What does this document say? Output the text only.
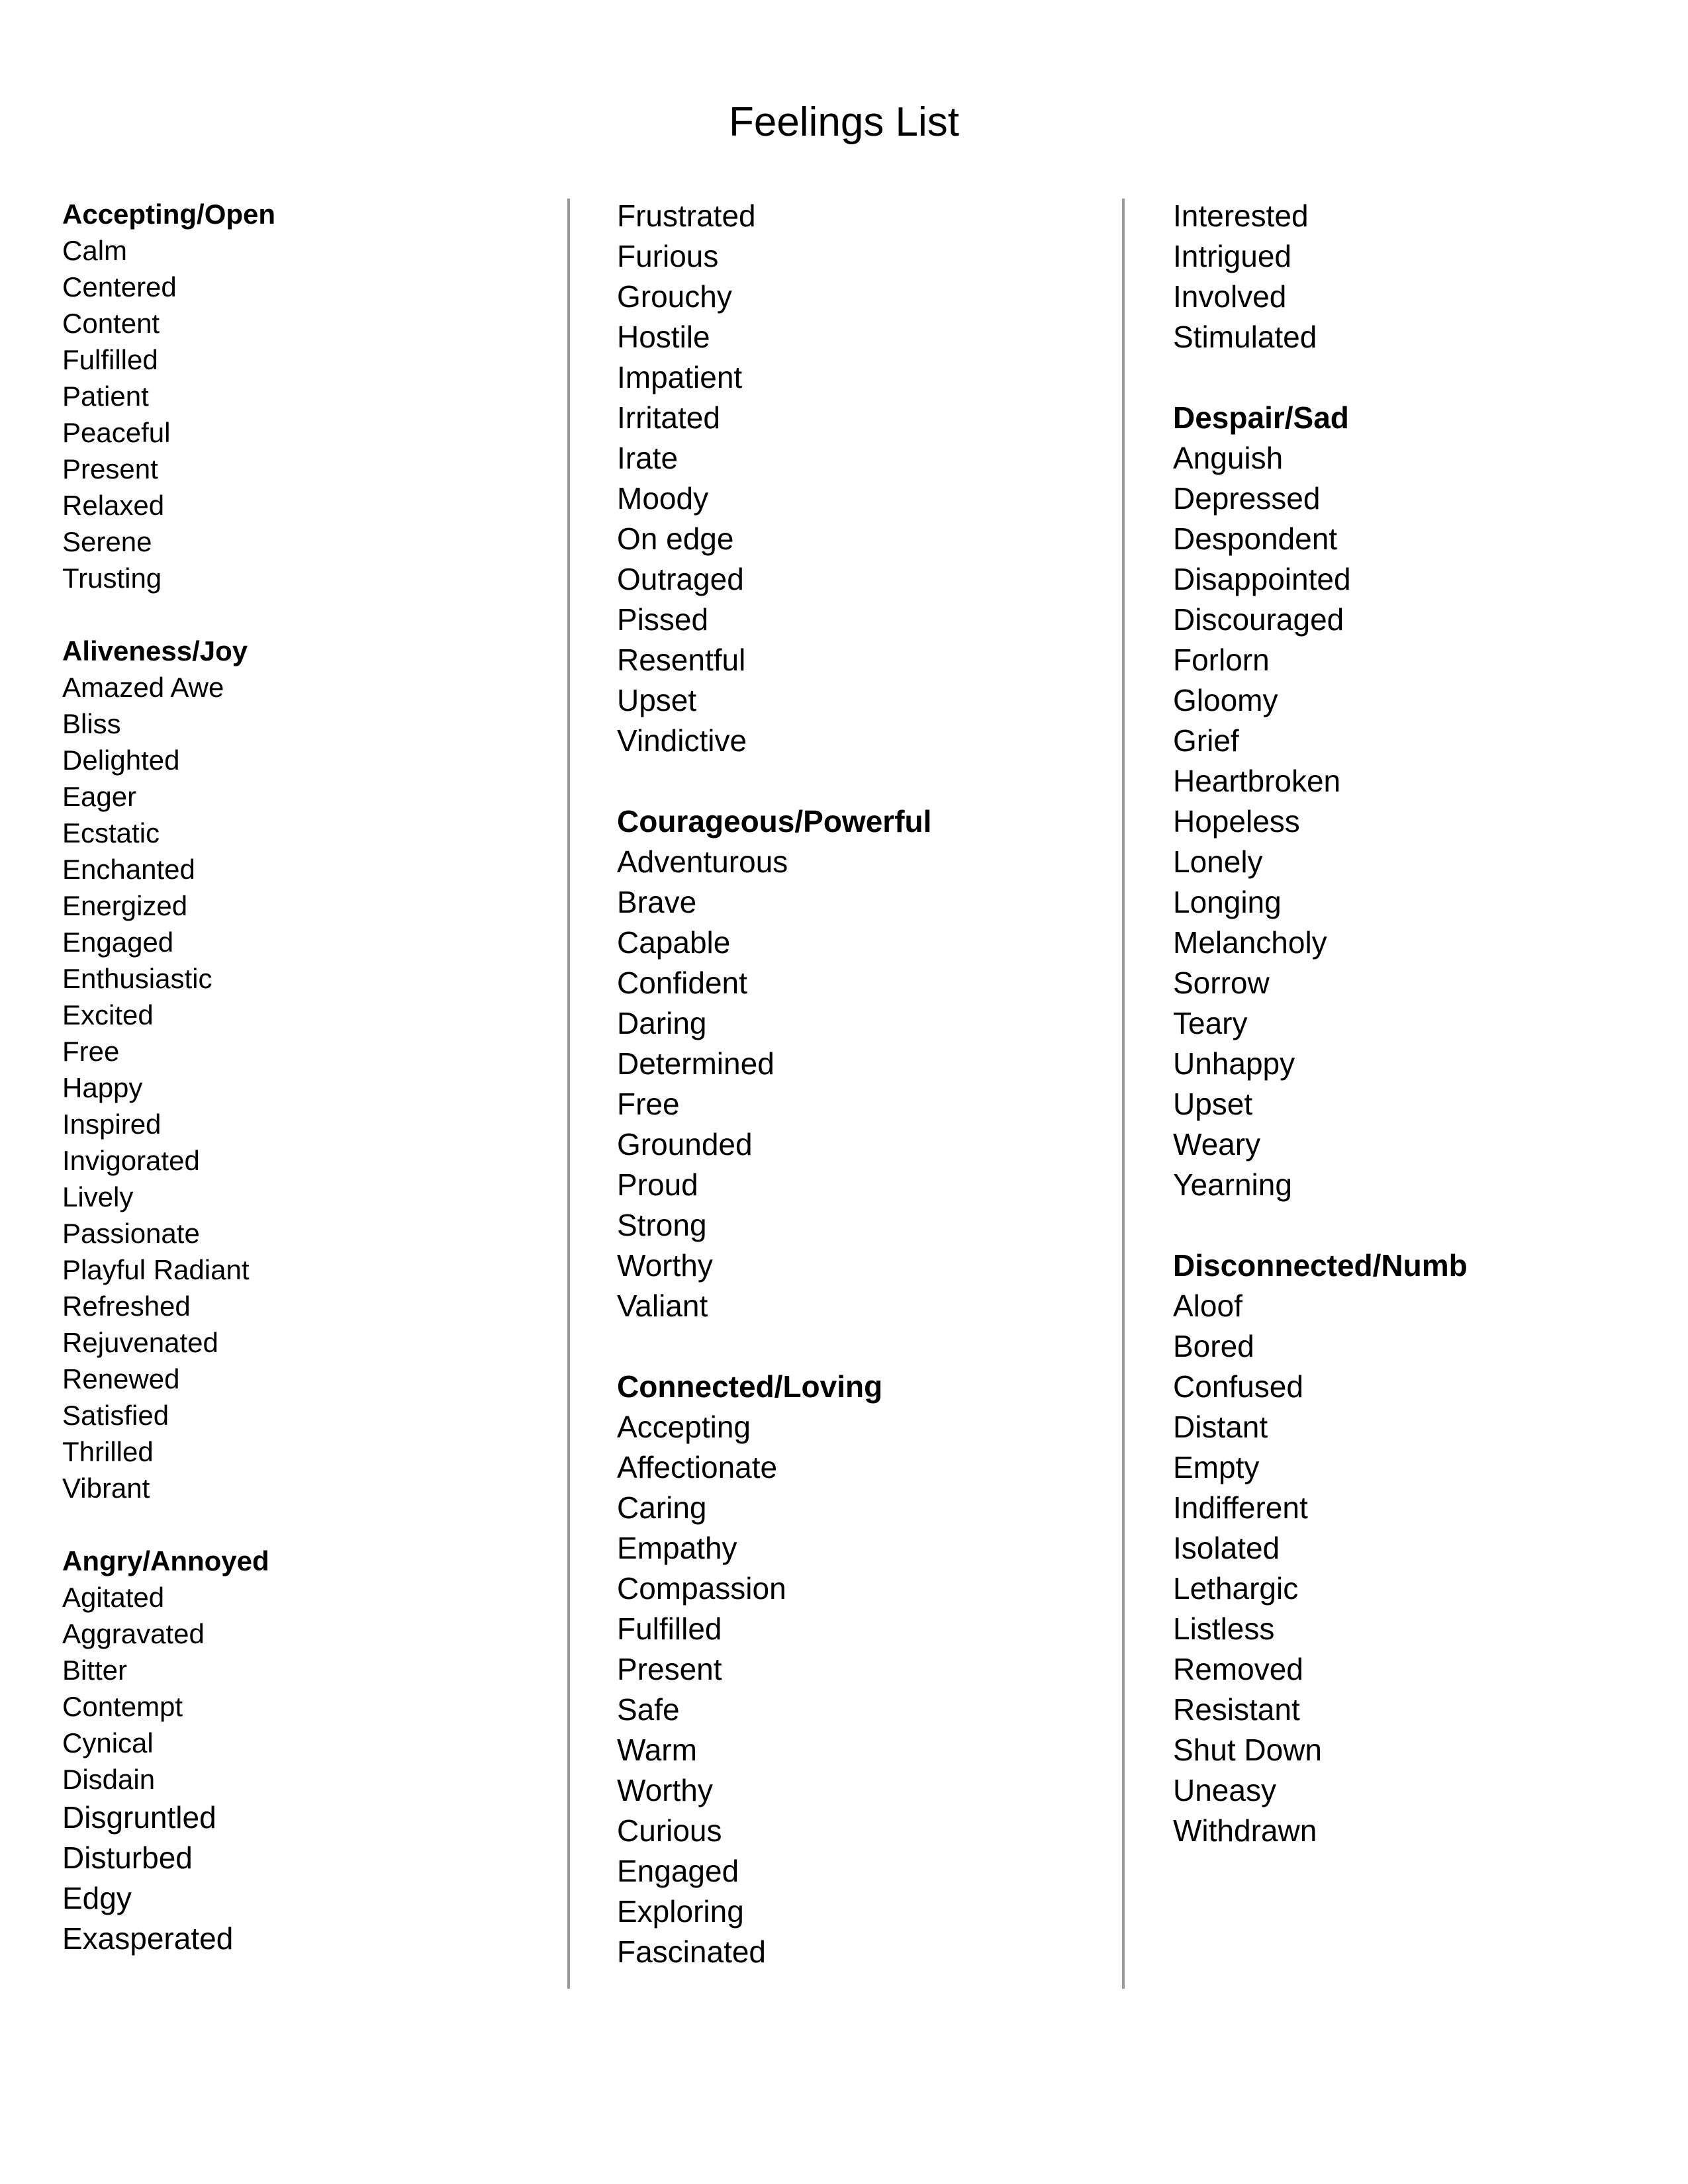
Feelings List
Accepting/Open
Calm
Centered
Content
Fulfilled
Patient
Peaceful
Present
Relaxed
Serene
Trusting
Aliveness/Joy
Amazed Awe
Bliss
Delighted
Eager
Ecstatic
Enchanted
Energized
Engaged
Enthusiastic
Excited
Free
Happy
Inspired
Invigorated
Lively
Passionate
Playful Radiant
Refreshed
Rejuvenated
Renewed
Satisfied
Thrilled
Vibrant
Angry/Annoyed
Agitated
Aggravated
Bitter
Contempt
Cynical
Disdain
Disgruntled
Disturbed
Edgy
Exasperated
Frustrated
Furious
Grouchy
Hostile
Impatient
Irritated
Irate
Moody
On edge
Outraged
Pissed
Resentful
Upset
Vindictive
Courageous/Powerful
Adventurous
Brave
Capable
Confident
Daring
Determined
Free
Grounded
Proud
Strong
Worthy
Valiant
Connected/Loving
Accepting
Affectionate
Caring
Empathy
Compassion
Fulfilled
Present
Safe
Warm
Worthy
Curious
Engaged
Exploring
Fascinated
Interested
Intrigued
Involved
Stimulated
Despair/Sad
Anguish
Depressed
Despondent
Disappointed
Discouraged
Forlorn
Gloomy
Grief
Heartbroken
Hopeless
Lonely
Longing
Melancholy
Sorrow
Teary
Unhappy
Upset
Weary
Yearning
Disconnected/Numb
Aloof
Bored
Confused
Distant
Empty
Indifferent
Isolated
Lethargic
Listless
Removed
Resistant
Shut Down
Uneasy
Withdrawn
